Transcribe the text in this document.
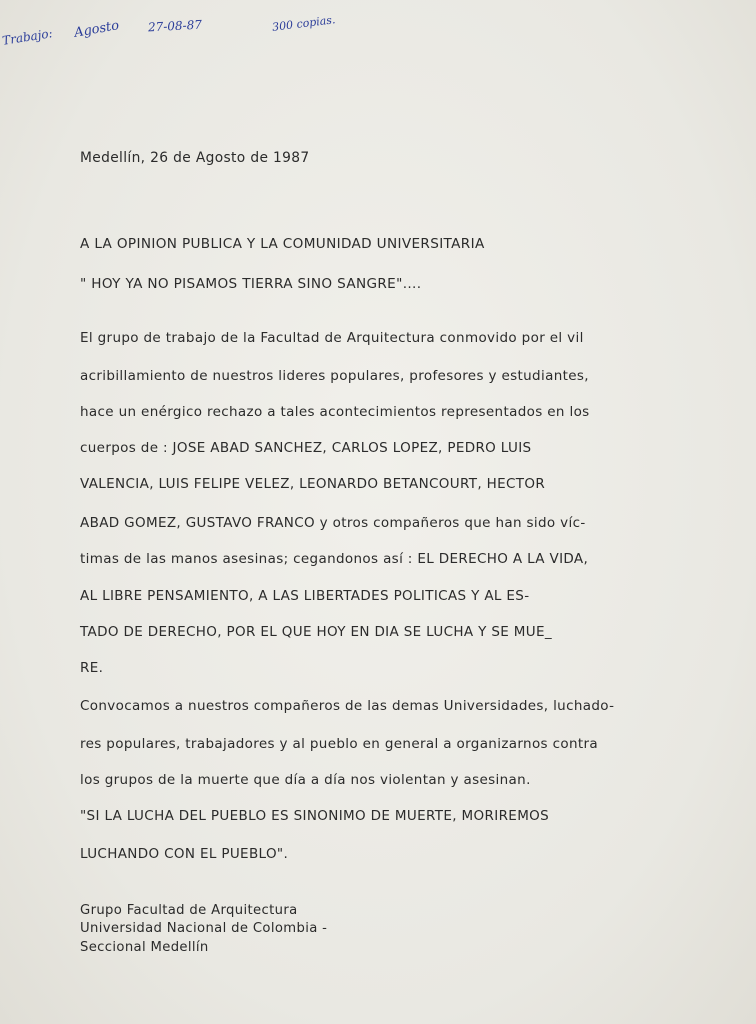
Trabajo: Agosto 27-08-87	300 copias.

Medellín, 26 de Agosto de 1987

A LA OPINION PUBLICA Y LA COMUNIDAD UNIVERSITARIA

" HOY YA NO PISAMOS TIERRA SINO SANGRE"....

El grupo de trabajo de la Facultad de Arquitectura conmovido por el vil

acribillamiento de nuestros lideres populares, profesores y estudiantes,

hace un enérgico rechazo a tales acontecimientos representados en los

cuerpos de : JOSE ABAD SANCHEZ, CARLOS LOPEZ, PEDRO LUIS

VALENCIA, LUIS FELIPE VELEZ, LEONARDO BETANCOURT, HECTOR

ABAD GOMEZ, GUSTAVO FRANCO y otros compañeros que han sido víc-

timas de las manos asesinas; cegandonos así : EL DERECHO A LA VIDA,

AL LIBRE PENSAMIENTO, A LAS LIBERTADES POLITICAS Y AL ES-

TADO DE DERECHO, POR EL QUE HOY EN DIA SE LUCHA Y SE MUE_

RE.

Convocamos a nuestros compañeros de las demas Universidades, luchado-

res populares, trabajadores y al pueblo en general a organizarnos contra

los grupos de la muerte que día a día nos violentan y asesinan.

"SI LA LUCHA DEL PUEBLO ES SINONIMO DE MUERTE, MORIREMOS

LUCHANDO CON EL PUEBLO".

Grupo Facultad de Arquitectura

Universidad Nacional de Colombia -

Seccional Medellín
